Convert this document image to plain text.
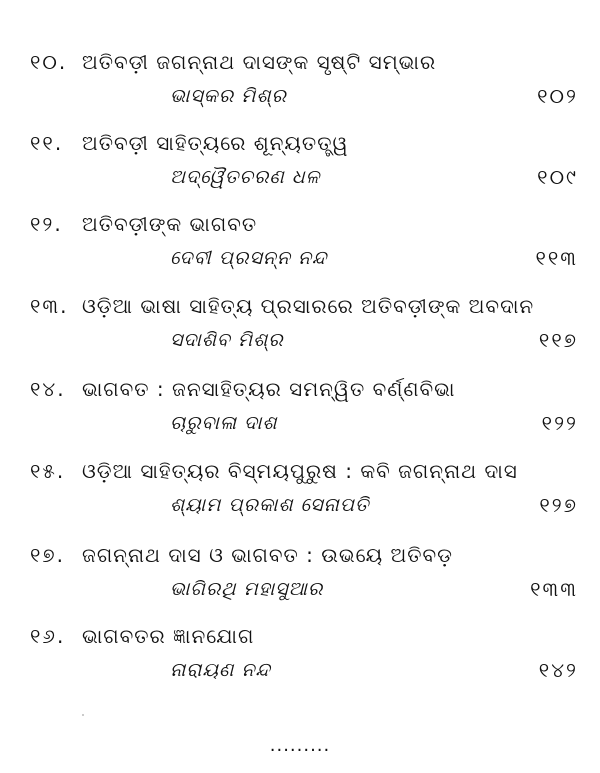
୧୦. ଅତିବଡ଼ୀ ଜଗନ୍ନାଥ ଦାସଙ୍କ ସୃଷ୍ଟି ସମ୍ଭାର
ଭାସ୍କର ମିଶ୍ର	୧୦୨
୧୧. ଅତିବଡ଼ୀ ସାହିତ୍ୟରେ ଶୂନ୍ୟତତ୍ତ୍ୱ
ଅଦ୍ୱୈତଚରଣ ଧଳ	୧୦୯
୧୨. ଅତିବଡ଼ୀଙ୍କ ଭାଗବତ
ଦେବୀ ପ୍ରସନ୍ନ ନନ୍ଦ	୧୧୩
୧୩. ଓଡ଼ିଆ ଭାଷା ସାହିତ୍ୟ ପ୍ରସାରରେ ଅତିବଡ଼ୀଙ୍କ ଅବଦାନ
ସଦାଶିବ ମିଶ୍ର	୧୧୭
୧୪. ଭାଗବତ : ଜନସାହିତ୍ୟର ସମନ୍ୱିତ ବର୍ଣ୍ଣବିଭା
ଚାରୁବାଳା ଦାଶ	୧୨୨
୧୫. ଓଡ଼ିଆ ସାହିତ୍ୟର ବିସ୍ମୟପୁରୁଷ : କବି ଜଗନ୍ନାଥ ଦାସ
ଶ୍ୟାମ ପ୍ରକାଶ ସେନାପତି	୧୨୭
୧୭. ଜଗନ୍ନାଥ ଦାସ ଓ ଭାଗବତ : ଉଭୟେ ଅତିବଡ଼
ଭାଗିରଥି ମହାସୁଆର	୧୩୩
୧୬. ଭାଗବତର ଜ୍ଞାନଯୋଗ
ନାରାୟଣ ନନ୍ଦ	୧୪୨
.........
